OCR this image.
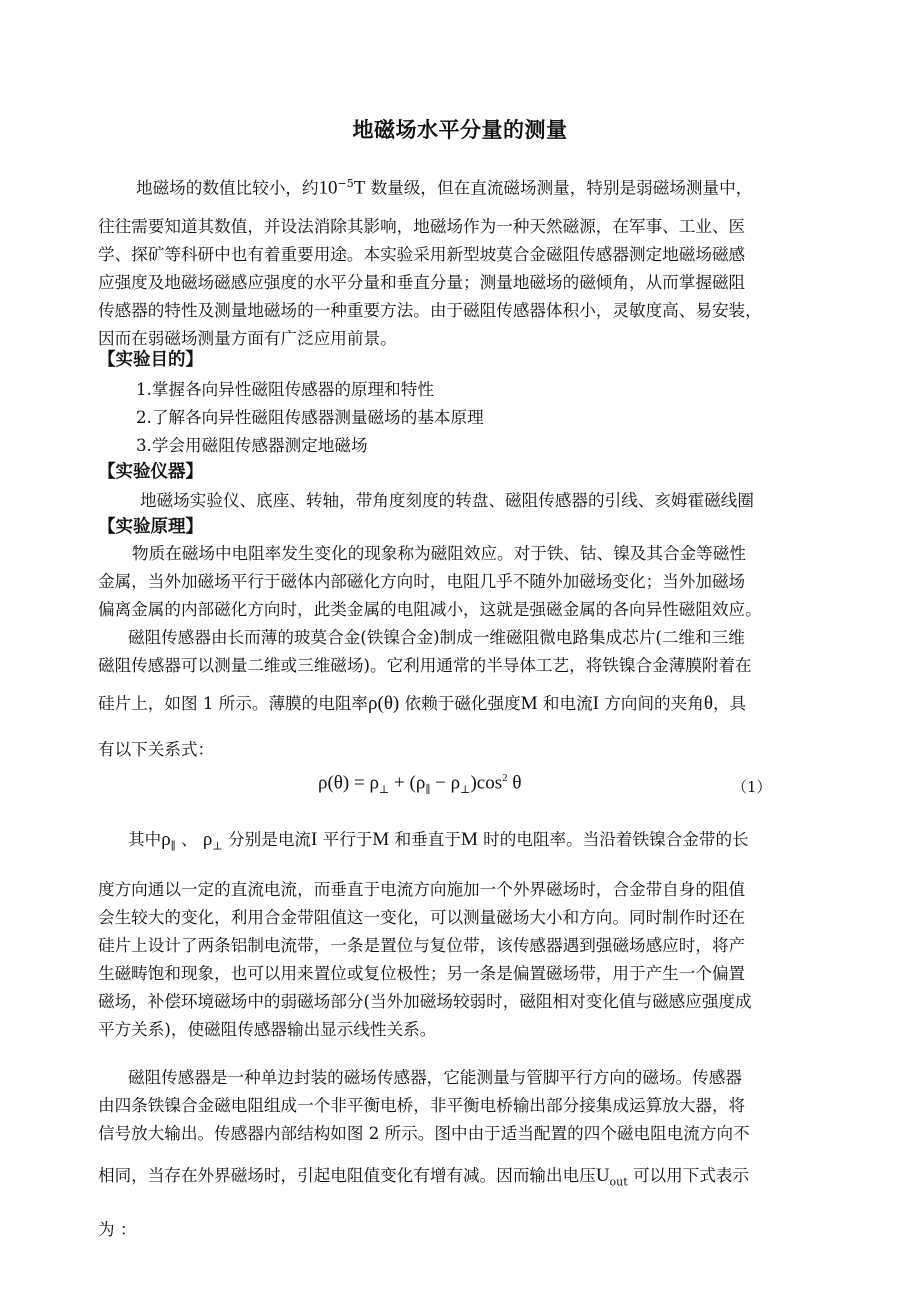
地磁场水平分量的测量
地磁场的数值比较小，约$10^{-5}T$ 数量级，但在直流磁场测量，特别是弱磁场测量中，
往往需要知道其数值，并设法消除其影响，地磁场作为一种天然磁源，在军事、工业、医
学、探矿等科研中也有着重要用途。本实验采用新型坡莫合金磁阻传感器测定地磁场磁感
应强度及地磁场磁感应强度的水平分量和垂直分量；测量地磁场的磁倾角，从而掌握磁阻
传感器的特性及测量地磁场的一种重要方法。由于磁阻传感器体积小，灵敏度高、易安装，
因而在弱磁场测量方面有广泛应用前景。
【实验目的】
1.掌握各向异性磁阻传感器的原理和特性
2.了解各向异性磁阻传感器测量磁场的基本原理
3.学会用磁阻传感器测定地磁场
【实验仪器】
地磁场实验仪、底座、转轴，带角度刻度的转盘、磁阻传感器的引线、亥姆霍磁线圈
【实验原理】
物质在磁场中电阻率发生变化的现象称为磁阻效应。对于铁、钴、镍及其合金等磁性
金属，当外加磁场平行于磁体内部磁化方向时，电阻几乎不随外加磁场变化；当外加磁场
偏离金属的内部磁化方向时，此类金属的电阻减小，这就是强磁金属的各向异性磁阻效应。
磁阻传感器由长而薄的玻莫合金(铁镍合金)制成一维磁阻微电路集成芯片(二维和三维
磁阻传感器可以测量二维或三维磁场)。它利用通常的半导体工艺，将铁镍合金薄膜附着在
硅片上，如图 1 所示。薄膜的电阻率ρ(θ) 依赖于磁化强度M 和电流I 方向间的夹角θ，具
有以下关系式：
$\rho(\theta) = \rho_\perp + (\rho_\parallel - \rho_\perp)\cos^2$ θ	（1）
其中$\rho_\parallel$ 、 $\rho_\perp$ 分别是电流I 平行于M 和垂直于M 时的电阻率。当沿着铁镍合金带的长
度方向通以一定的直流电流，而垂直于电流方向施加一个外界磁场时，合金带自身的阻值
会生较大的变化，利用合金带阻值这一变化，可以测量磁场大小和方向。同时制作时还在
硅片上设计了两条铝制电流带，一条是置位与复位带，该传感器遇到强磁场感应时，将产
生磁畴饱和现象，也可以用来置位或复位极性；另一条是偏置磁场带，用于产生一个偏置
磁场，补偿环境磁场中的弱磁场部分(当外加磁场较弱时，磁阻相对变化值与磁感应强度成
平方关系)，使磁阻传感器输出显示线性关系。
磁阻传感器是一种单边封装的磁场传感器，它能测量与管脚平行方向的磁场。传感器
由四条铁镍合金磁电阻组成一个非平衡电桥，非平衡电桥输出部分接集成运算放大器，将
信号放大输出。传感器内部结构如图 2 所示。图中由于适当配置的四个磁电阻电流方向不
相同，当存在外界磁场时，引起电阻值变化有增有减。因而输出电压$U_{out}$ 可以用下式表示
为 ：
